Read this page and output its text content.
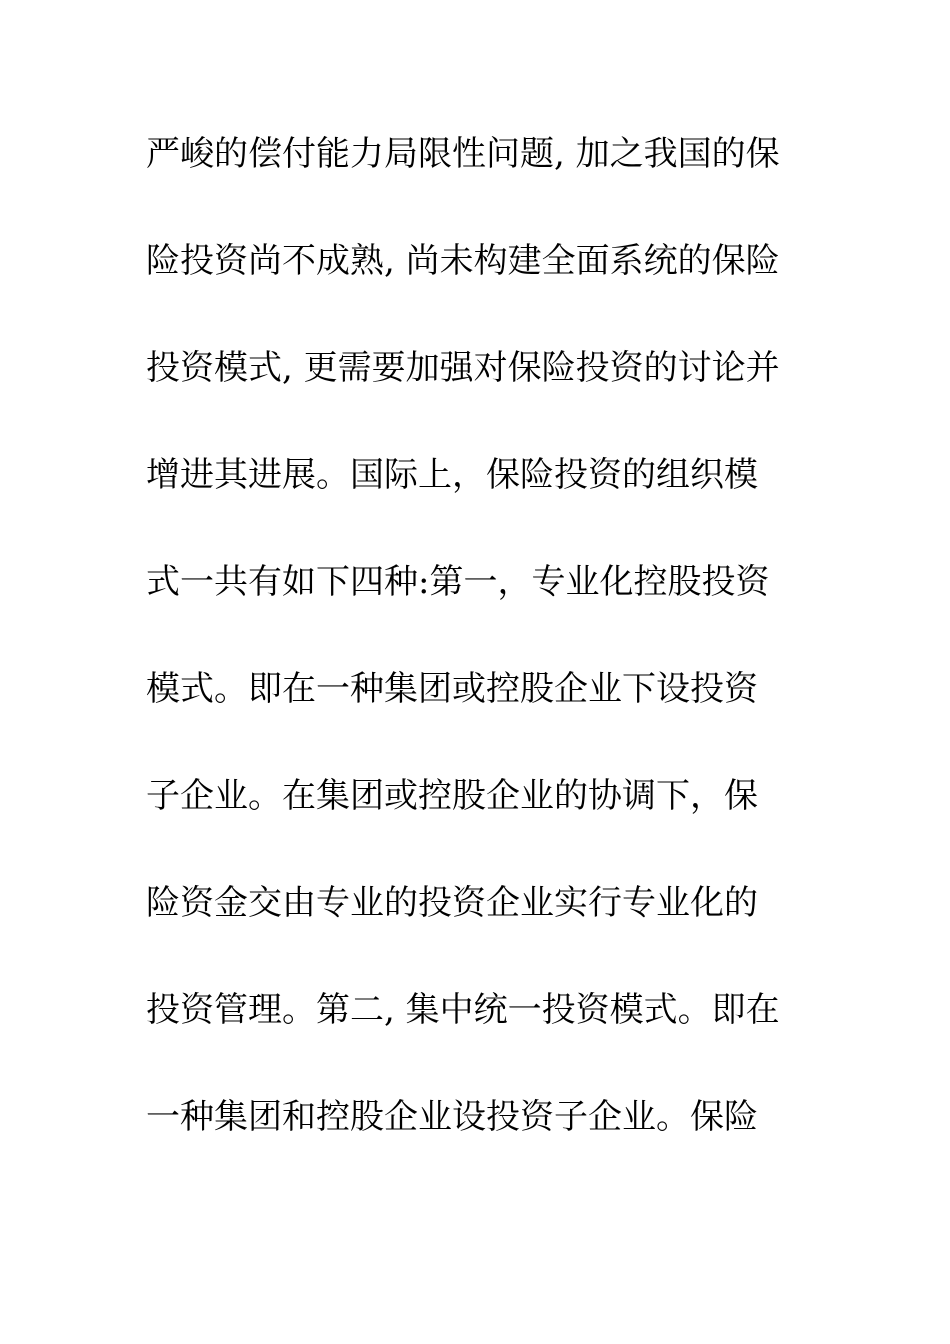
严峻的偿付能力局限性问题, 加之我国的保
险投资尚不成熟, 尚未构建全面系统的保险
投资模式, 更需要加强对保险投资的讨论并
增进其进展。国际上，保险投资的组织模
式一共有如下四种:第一，专业化控股投资
模式。即在一种集团或控股企业下设投资
子企业。在集团或控股企业的协调下，保
险资金交由专业的投资企业实行专业化的
投资管理。第二, 集中统一投资模式。即在
一种集团和控股企业设投资子企业。保险
